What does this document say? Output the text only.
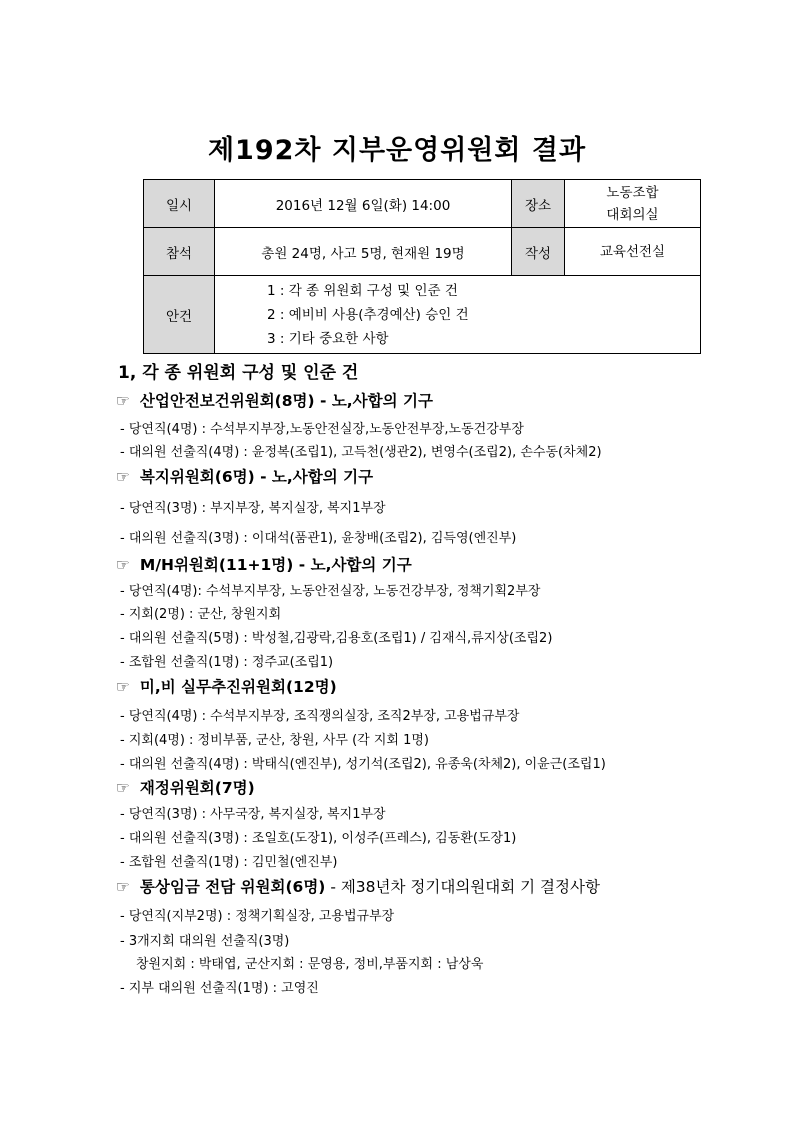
제192차 지부운영위원회 결과
일시	2016년 12월 6일(화) 14:00	장소	노동조합
대회의실

참석	총원 24명, 사고 5명, 현재원 19명	작성	교육선전실
안건	1 : 각 종 위원회 구성 및 인준 건
2 : 예비비 사용(추경예산) 승인 건
3 : 기타 중요한 사항		
1, 각 종 위원회 구성 및 인준 건
☞ 산업안전보건위원회(8명) - 노,사합의 기구
- 당연직(4명) : 수석부지부장,노동안전실장,노동안전부장,노동건강부장
- 대의원 선출직(4명) : 윤정복(조립1), 고득천(생관2), 변영수(조립2), 손수동(차체2)
☞ 복지위원회(6명) - 노,사합의 기구
- 당연직(3명) : 부지부장, 복지실장, 복지1부장
- 대의원 선출직(3명) : 이대석(품관1), 윤창배(조립2), 김득영(엔진부)
☞ M/H위원회(11+1명) - 노,사합의 기구
- 당연직(4명): 수석부지부장, 노동안전실장, 노동건강부장, 정책기획2부장
- 지회(2명) : 군산, 창원지회
- 대의원 선출직(5명) : 박성철,김광락,김용호(조립1) / 김재식,류지상(조립2)
- 조합원 선출직(1명) : 정주교(조립1)
☞ 미,비 실무추진위원회(12명)
- 당연직(4명) : 수석부지부장, 조직쟁의실장, 조직2부장, 고용법규부장
- 지회(4명) : 정비부품, 군산, 창원, 사무 (각 지회 1명)
- 대의원 선출직(4명) : 박태식(엔진부), 성기석(조립2), 유종욱(차체2), 이윤근(조립1)
☞ 재정위원회(7명)
- 당연직(3명) : 사무국장, 복지실장, 복지1부장
- 대의원 선출직(3명) : 조일호(도장1), 이성주(프레스), 김동환(도장1)
- 조합원 선출직(1명) : 김민철(엔진부)
☞ 통상임금 전담 위원회(6명) - 제38년차 정기대의원대회 기 결정사항
- 당연직(지부2명) : 정책기획실장, 고용법규부장
- 3개지회 대의원 선출직(3명)
창원지회 : 박태엽, 군산지회 : 문영용, 정비,부품지회 : 남상욱
- 지부 대의원 선출직(1명) : 고영진
